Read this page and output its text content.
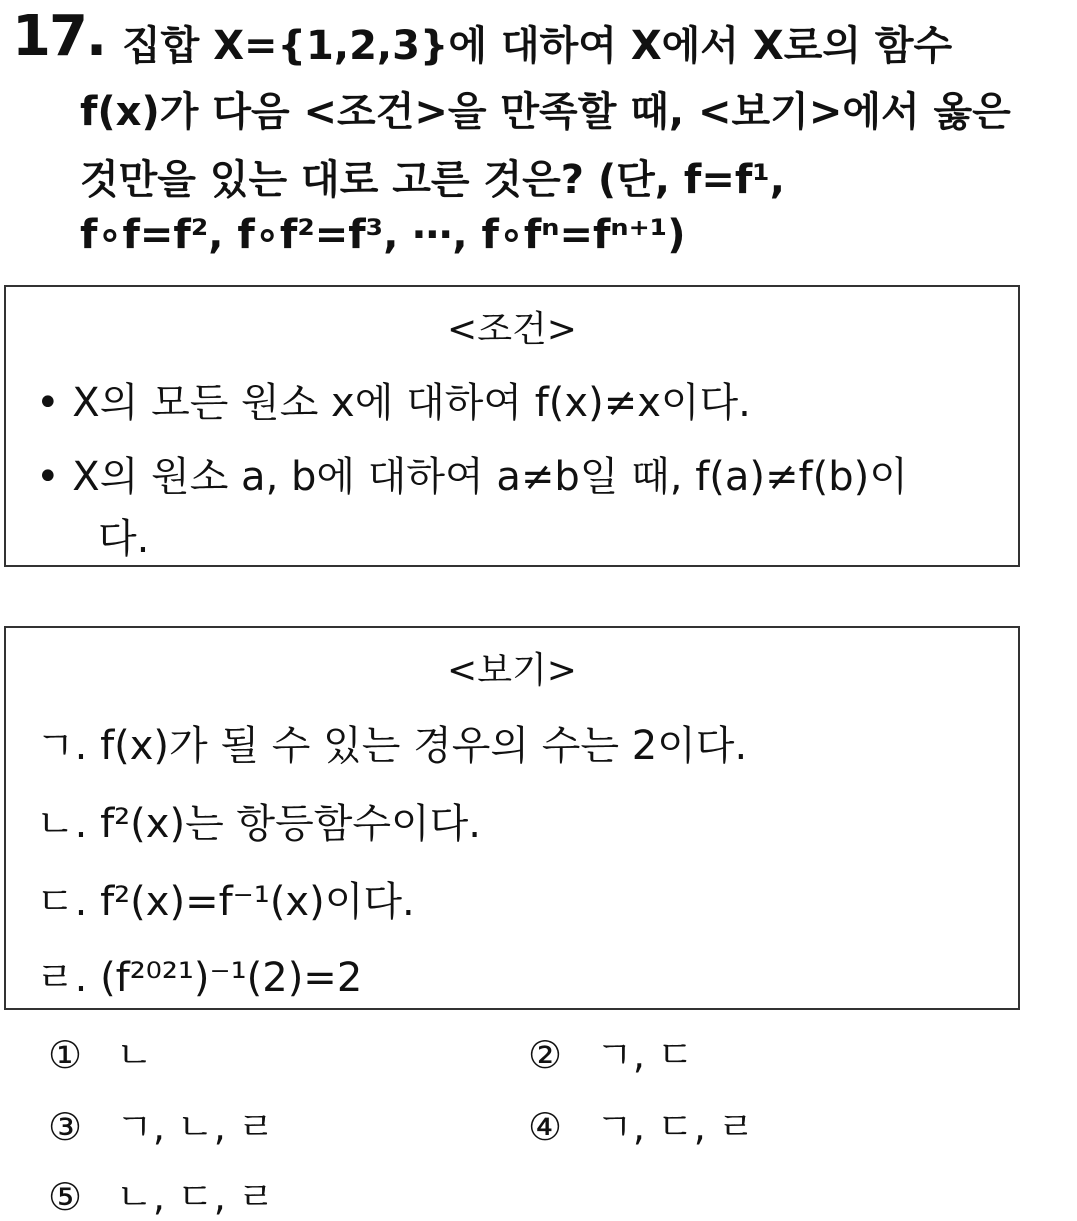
17. 집합 X={1,2,3}에 대하여 X에서 X로의 함수
f(x)가 다음 <조건>을 만족할 때, <보기>에서 옳은
것만을 있는 대로 고른 것은? (단, f=f¹,
f∘f=f², f∘f²=f³, ⋯, f∘fⁿ=fⁿ⁺¹)
<조건>
• X의 모든 원소 x에 대하여 f(x)≠x이다.
• X의 원소 a, b에 대하여 a≠b일 때, f(a)≠f(b)이
다.
<보기>
ㄱ. f(x)가 될 수 있는 경우의 수는 2이다.
ㄴ. f²(x)는 항등함수이다.
ㄷ. f²(x)=f⁻¹(x)이다.
ㄹ. (f²⁰²¹)⁻¹(2)=2
① ㄴ	② ㄱ, ㄷ
③ ㄱ, ㄴ, ㄹ	④ ㄱ, ㄷ, ㄹ
⑤ ㄴ, ㄷ, ㄹ
